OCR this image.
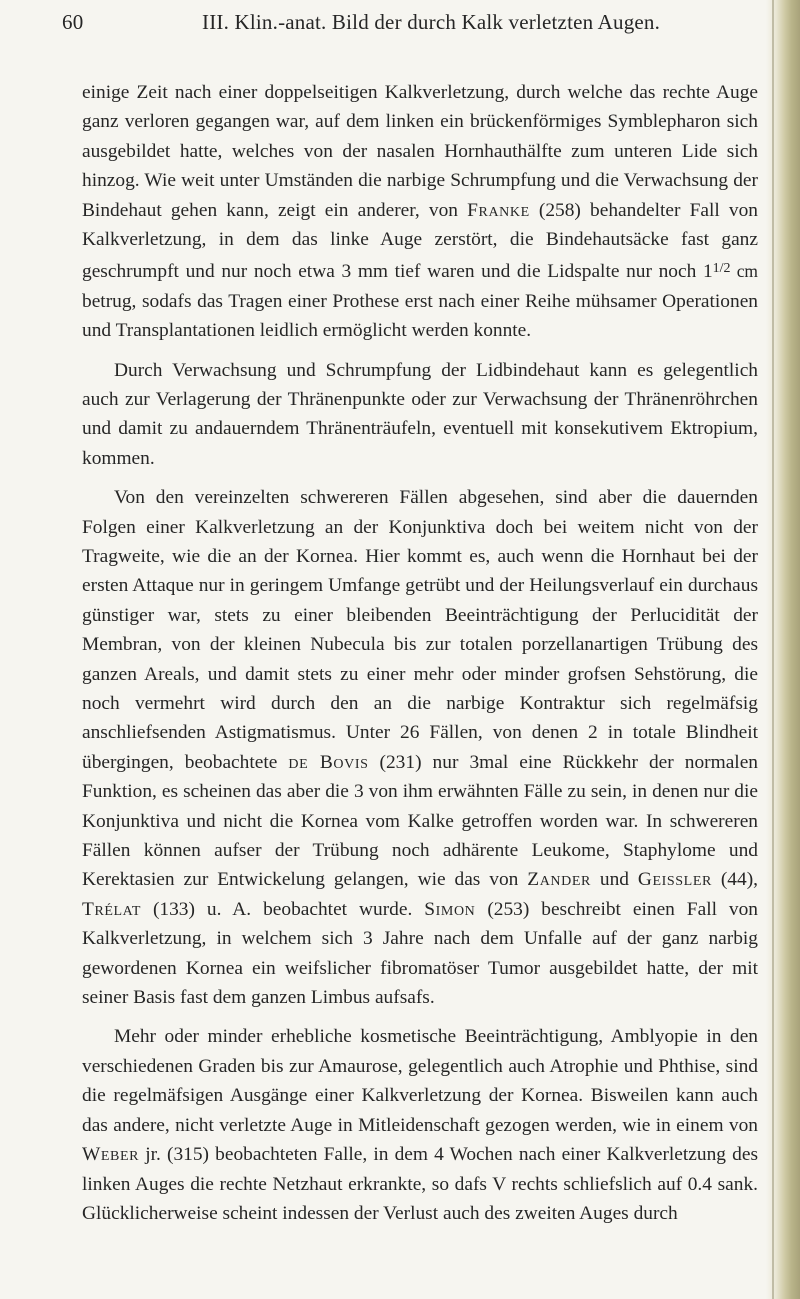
60	III. Klin.-anat. Bild der durch Kalk verletzten Augen.

einige Zeit nach einer doppelseitigen Kalkverletzung, durch welche das rechte Auge ganz verloren gegangen war, auf dem linken ein brückenförmiges Symblepharon sich ausgebildet hatte, welches von der nasalen Hornhauthälfte zum unteren Lide sich hinzog. Wie weit unter Umständen die narbige Schrumpfung und die Verwachsung der Bindehaut gehen kann, zeigt ein anderer, von Franke (258) behandelter Fall von Kalkverletzung, in dem das linke Auge zerstört, die Bindehautsäcke fast ganz geschrumpft und nur noch etwa 3 mm tief waren und die Lidspalte nur noch $1^{1/2}$ cm betrug, sodafs das Tragen einer Prothese erst nach einer Reihe mühsamer Operationen und Transplantationen leidlich ermöglicht werden konnte.

Durch Verwachsung und Schrumpfung der Lidbindehaut kann es gelegentlich auch zur Verlagerung der Thränenpunkte oder zur Verwachsung der Thränenröhrchen und damit zu andauerndem Thränenträufeln, eventuell mit konsekutivem Ektropium, kommen.

Von den vereinzelten schwereren Fällen abgesehen, sind aber die dauernden Folgen einer Kalkverletzung an der Konjunktiva doch bei weitem nicht von der Tragweite, wie die an der Kornea. Hier kommt es, auch wenn die Hornhaut bei der ersten Attaque nur in geringem Umfange getrübt und der Heilungsverlauf ein durchaus günstiger war, stets zu einer bleibenden Beeinträchtigung der Perlucidität der Membran, von der kleinen Nubecula bis zur totalen porzellanartigen Trübung des ganzen Areals, und damit stets zu einer mehr oder minder grofsen Sehstörung, die noch vermehrt wird durch den an die narbige Kontraktur sich regelmäfsig anschliefsenden Astigmatismus. Unter 26 Fällen, von denen 2 in totale Blindheit übergingen, beobachtete de Bovis (231) nur 3mal eine Rückkehr der normalen Funktion, es scheinen das aber die 3 von ihm erwähnten Fälle zu sein, in denen nur die Konjunktiva und nicht die Kornea vom Kalke getroffen worden war. In schwereren Fällen können aufser der Trübung noch adhärente Leukome, Staphylome und Kerektasien zur Entwickelung gelangen, wie das von Zander und Geissler (44), Trélat (133) u. A. beobachtet wurde. Simon (253) beschreibt einen Fall von Kalkverletzung, in welchem sich 3 Jahre nach dem Unfalle auf der ganz narbig gewordenen Kornea ein weifslicher fibromatöser Tumor ausgebildet hatte, der mit seiner Basis fast dem ganzen Limbus aufsafs.

Mehr oder minder erhebliche kosmetische Beeinträchtigung, Amblyopie in den verschiedenen Graden bis zur Amaurose, gelegentlich auch Atrophie und Phthise, sind die regelmäfsigen Ausgänge einer Kalkverletzung der Kornea. Bisweilen kann auch das andere, nicht verletzte Auge in Mitleidenschaft gezogen werden, wie in einem von Weber jr. (315) beobachteten Falle, in dem 4 Wochen nach einer Kalkverletzung des linken Auges die rechte Netzhaut erkrankte, so dafs V rechts schliefslich auf 0.4 sank. Glücklicherweise scheint indessen der Verlust auch des zweiten Auges durch
